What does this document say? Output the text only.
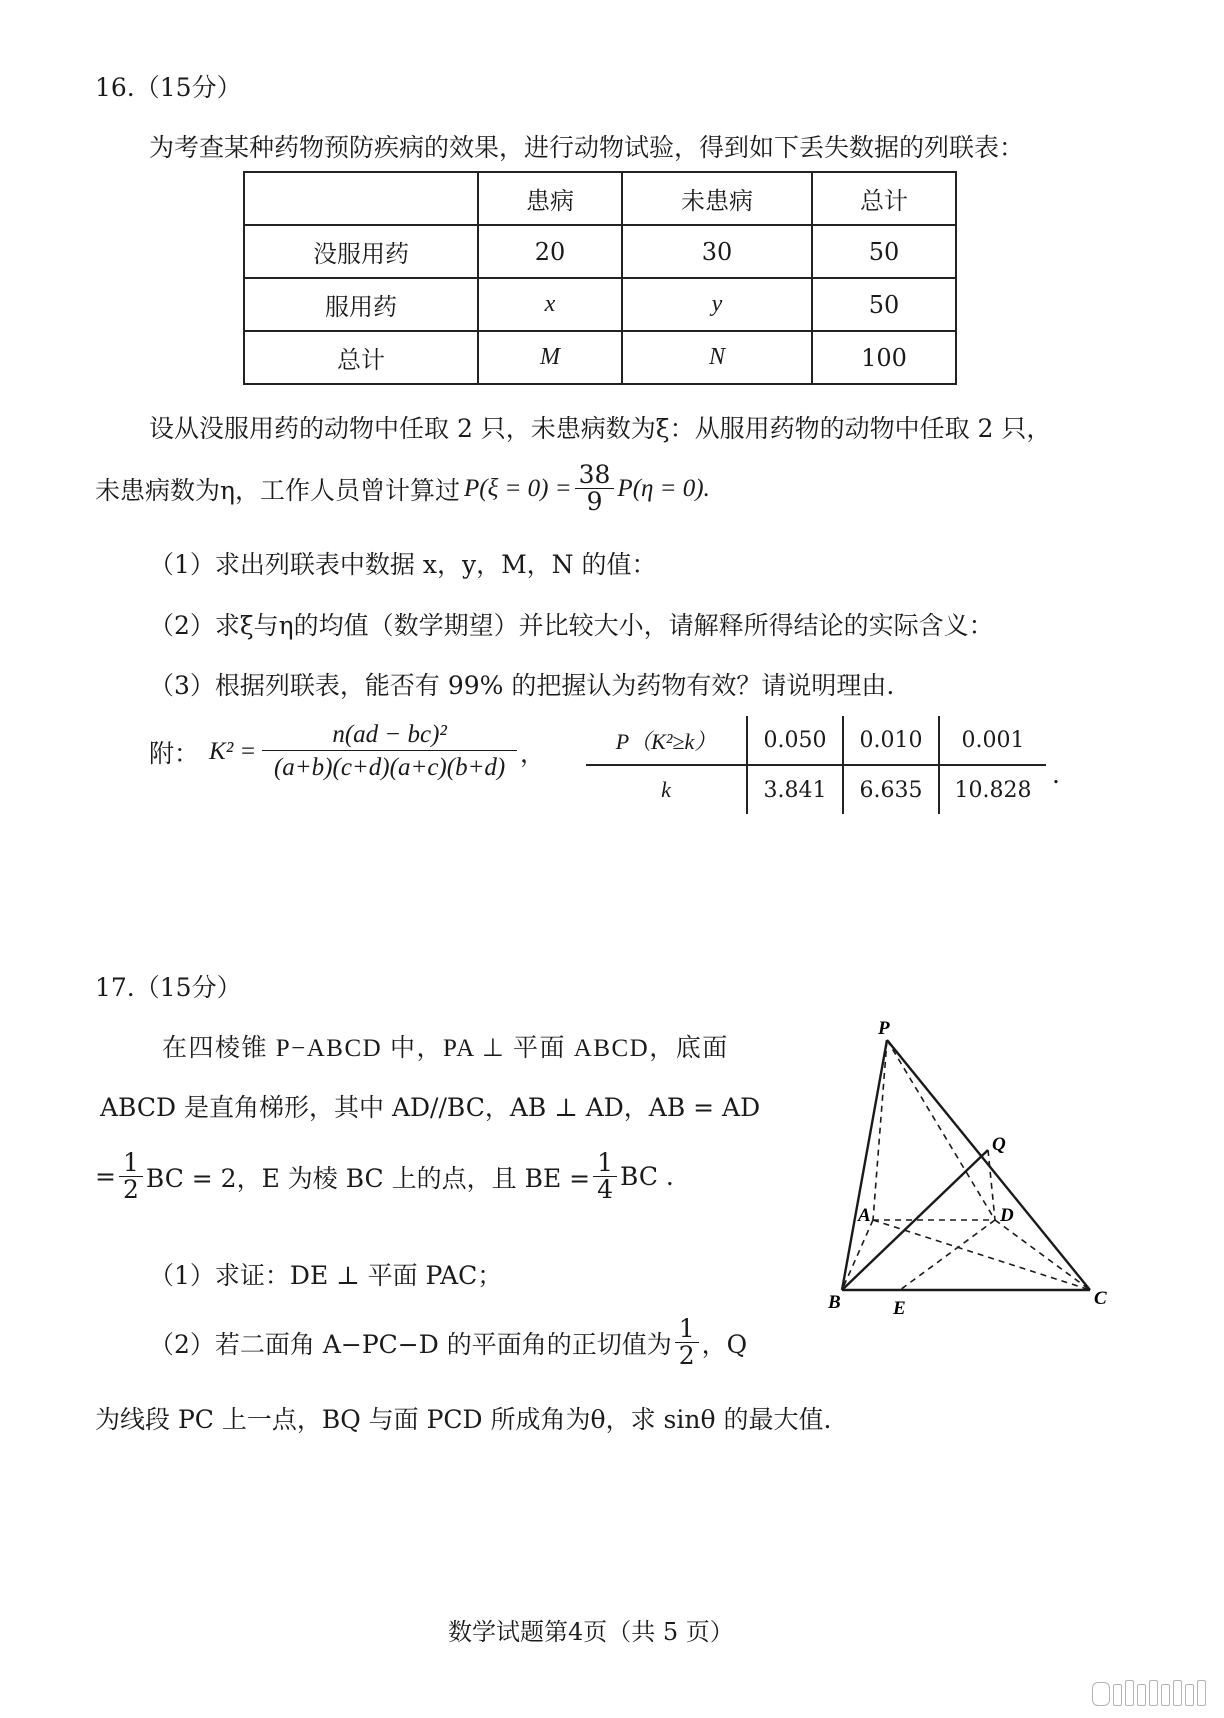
16.（15分）
为考查某种药物预防疾病的效果，进行动物试验，得到如下丢失数据的列联表：
	患病	未患病	总计
没服用药	20	30	50
服用药	x	y	50
总计	M	N	100
设从没服用药的动物中任取 2 只，未患病数为ξ：从服用药物的动物中任取 2 只，
未患病数为η，工作人员曾计算过 $P(\xi = 0) = \frac{38}{9} P(\eta = 0)$.
（1）求出列联表中数据 x，y，M，N 的值：
（2）求ξ与η的均值（数学期望）并比较大小，请解释所得结论的实际含义：
（3）根据列联表，能否有 99% 的把握认为药物有效？请说明理由.
附： $K^2 = \frac{\text{n(ad − bc)²}}{(a+b)(c+d)(a+c)(b+d)}$ ，	P（K²≥k）	0.050	0.010	0.001
k	3.841	6.635	10.828
.
17.（15分）
在四棱锥 P−ABCD 中，PA ⊥ 平面 ABCD，底面
ABCD 是直角梯形，其中 AD//BC，AB ⊥ AD，AB = AD
= $\frac{1}{2}$ BC = 2，E 为棱 BC 上的点，且 BE = $\frac{1}{4}$ BC .
（1）求证：DE ⊥ 平面 PAC；
（2）若二面角 A−PC−D 的平面角的正切值为 $\frac{1}{2}$ ，Q
为线段 PC 上一点，BQ 与面 PCD 所成角为θ，求 sinθ 的最大值.
P
Q
A	D
B	E	C
数学试题第4页（共 5 页）
